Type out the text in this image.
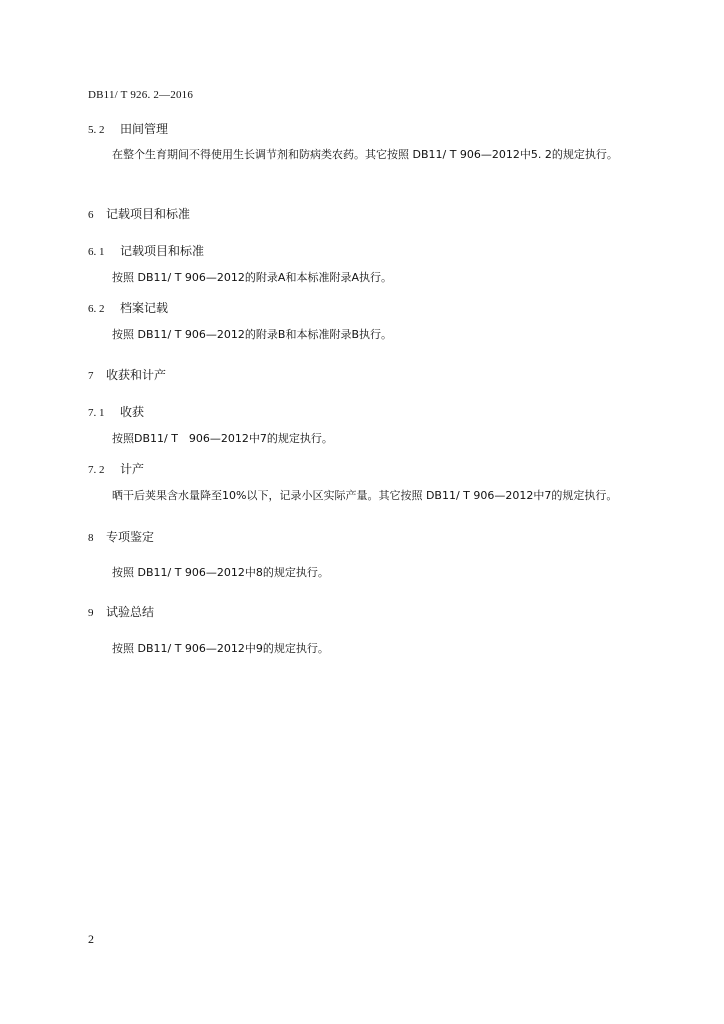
DB11/ T 926. 2—2016
5. 2	田间管理
在整个生育期间不得使用生长调节剂和防病类农药。其它按照 DB11/ T 906—2012中5. 2的规定执行。
6	记载项目和标准
6. 1	记载项目和标准
按照 DB11/ T 906—2012的附录A和本标准附录A执行。
6. 2	档案记载
按照 DB11/ T 906—2012的附录B和本标准附录B执行。
7	收获和计产
7. 1	收获
按照DB11/ T　906—2012中7的规定执行。
7. 2	计产
晒干后荚果含水量降至10%以下，记录小区实际产量。其它按照 DB11/ T 906—2012中7的规定执行。
8	专项鉴定
按照 DB11/ T 906—2012中8的规定执行。
9	试验总结
按照 DB11/ T 906—2012中9的规定执行。
2
